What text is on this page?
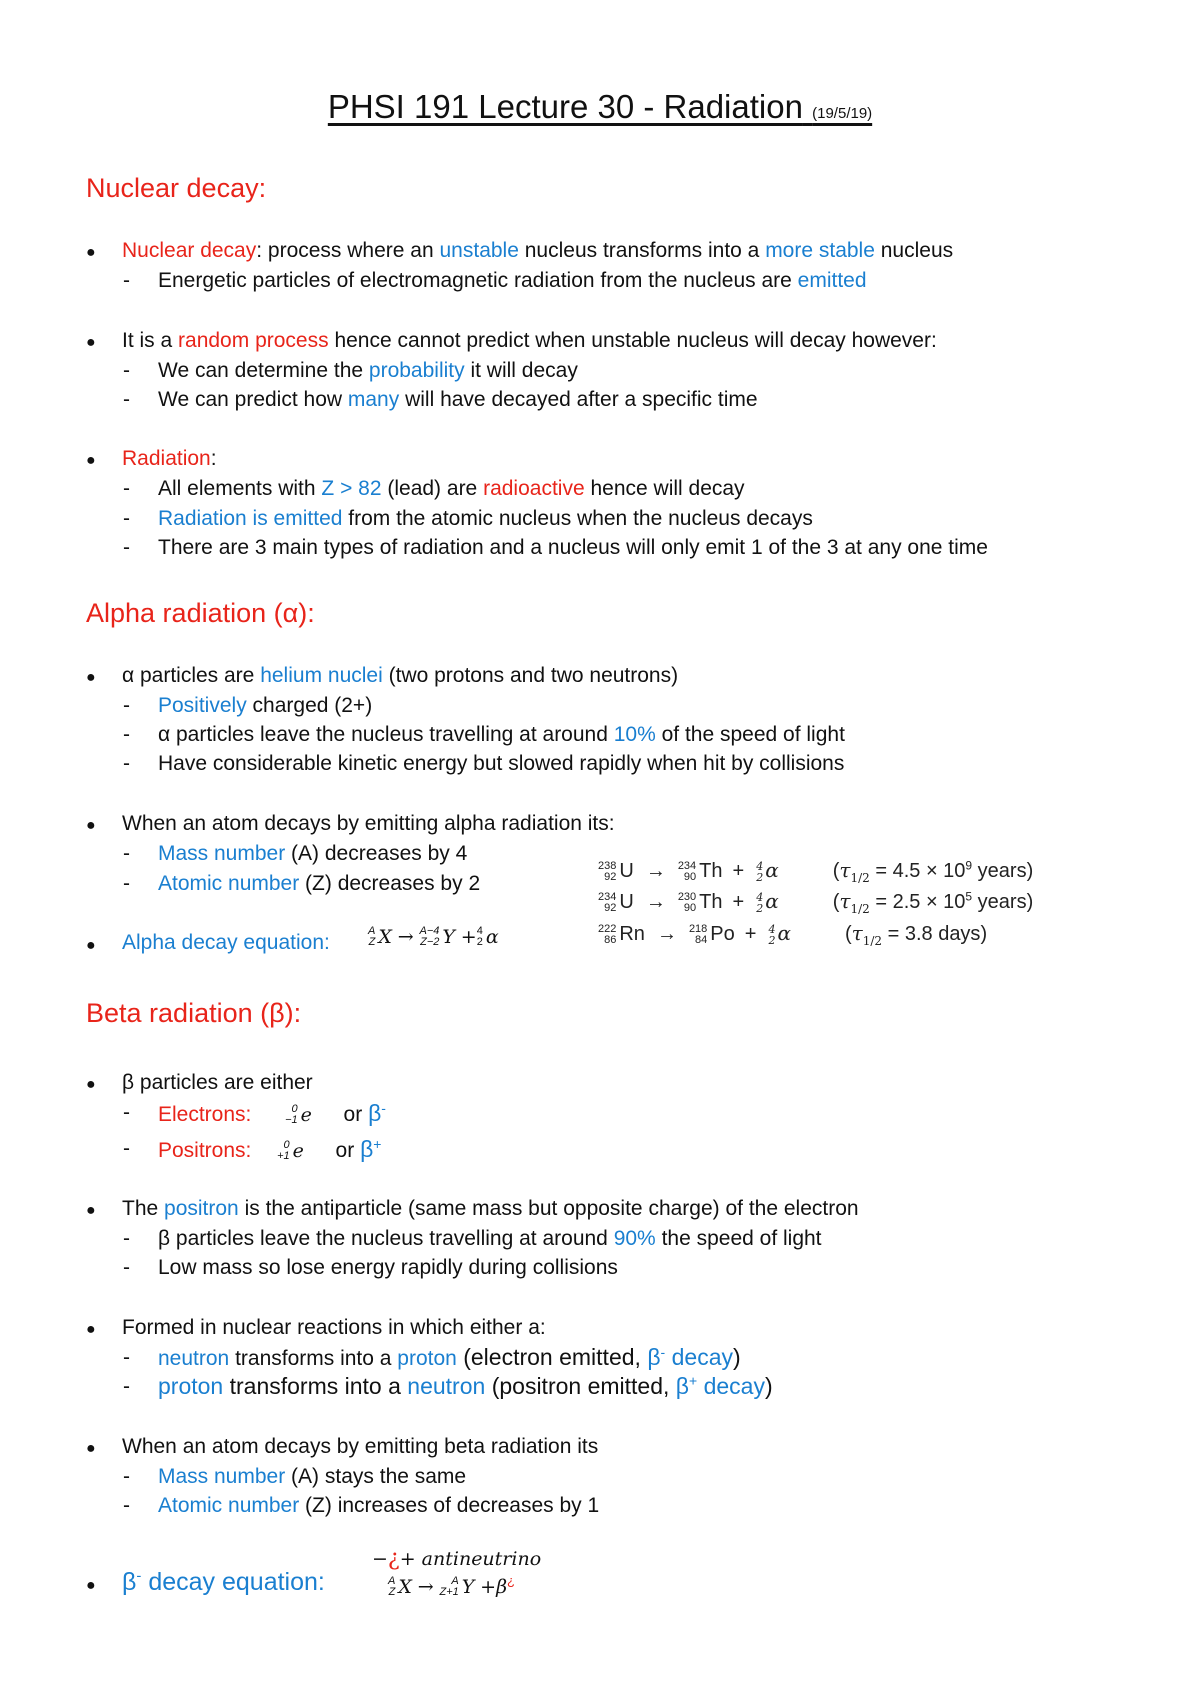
PHSI 191 Lecture 30 - Radiation (19/5/19)
Nuclear decay:
● Nuclear decay: process where an unstable nucleus transforms into a more stable nucleus
- Energetic particles of electromagnetic radiation from the nucleus are emitted
● It is a random process hence cannot predict when unstable nucleus will decay however:
- We can determine the probability it will decay
- We can predict how many will have decayed after a specific time
● Radiation:
- All elements with Z > 82 (lead) are radioactive hence will decay
- Radiation is emitted from the atomic nucleus when the nucleus decays
- There are 3 main types of radiation and a nucleus will only emit 1 of the 3 at any one time
Alpha radiation (α):
● α particles are helium nuclei (two protons and two neutrons)
- Positively charged (2+)
- α particles leave the nucleus travelling at around 10% of the speed of light
- Have considerable kinetic energy but slowed rapidly when hit by collisions
● When an atom decays by emitting alpha radiation its:
- Mass number (A) decreases by 4
- Atomic number (Z) decreases by 2
● Alpha decay equation:	A
Z X → A−4
Z−2 Y +4
2 α
238
92 U → 234
90 Th + 4
2 α	($\tau_{1/2} = 4.5 \times 10^9$ years)
234
92 U → 230
90 Th + 4
2 α	($\tau_{1/2} = 2.5 \times 10^5$ years)
222
86 Rn → 218
84 Po + 4
2 α	($\tau_{1/2} = 3.8$ days)
Beta radiation (β):
● β particles are either
- Electrons:	0
−1 e or β-
- Positrons:	0
+1 e or β+
● The positron is the antiparticle (same mass but opposite charge) of the electron
- β particles leave the nucleus travelling at around 90% the speed of light
- Low mass so lose energy rapidly during collisions
● Formed in nuclear reactions in which either a:
- neutron transforms into a proton (electron emitted, β- decay)
- proton transforms into a neutron (positron emitted, β+ decay)
● When an atom decays by emitting beta radiation its
- Mass number (A) stays the same
- Atomic number (Z) increases of decreases by 1
−¿+ antineutrino
● β- decay equation:	A
Z X → A
Z+1 Y +β¿
